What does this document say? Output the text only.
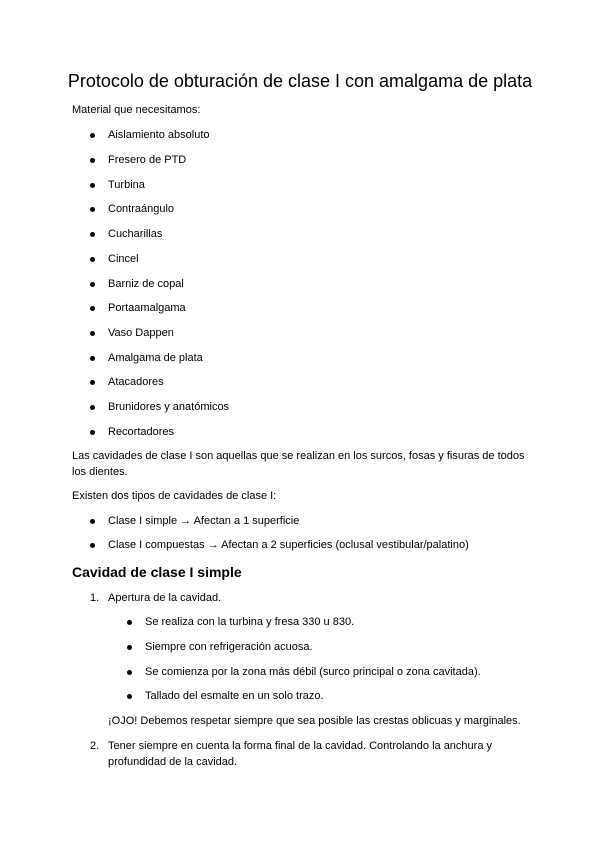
Protocolo de obturación de clase I con amalgama de plata
Material que necesitamos:
Aislamiento absoluto
Fresero de PTD
Turbina
Contraángulo
Cucharillas
Cincel
Barniz de copal
Portaamalgama
Vaso Dappen
Amalgama de plata
Atacadores
Brunidores y anatómicos
Recortadores
Las cavidades de clase I son aquellas que se realizan en los surcos, fosas y fisuras de todos los dientes.
Existen dos tipos de cavidades de clase I:
Clase I simple → Afectan a 1 superficie
Clase I compuestas → Afectan a 2 superficies (oclusal vestibular/palatino)
Cavidad de clase I simple
1. Apertura de la cavidad.
Se realiza con la turbina y fresa 330 u 830.
Siempre con refrigeración acuosa.
Se comienza por la zona más débil (surco principal o zona cavitada).
Tallado del esmalte en un solo trazo.
¡OJO! Debemos respetar siempre que sea posible las crestas oblicuas y marginales.
2. Tener siempre en cuenta la forma final de la cavidad. Controlando la anchura y profundidad de la cavidad.
